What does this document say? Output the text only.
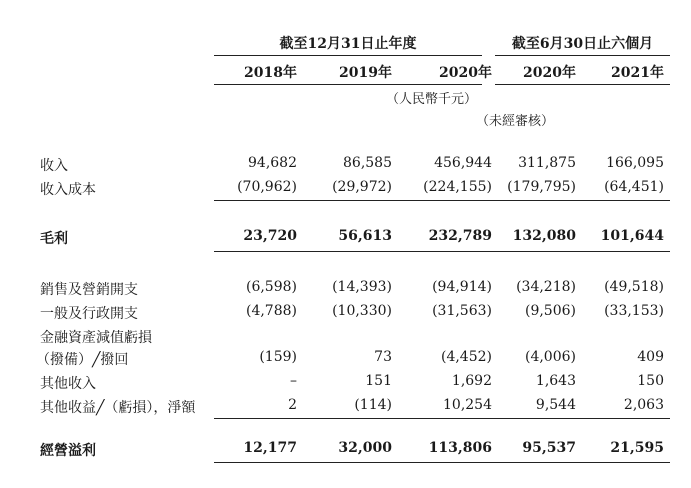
截至12月31日止年度	截至6月30日止六個月
2018年	2019年	2020年	2020年	2021年
（人民幣千元）
（未經審核）
收入	94,682	86,585	456,944	311,875	166,095
收入成本	(70,962)	(29,972)	(224,155)	(179,795)	(64,451)
毛利	23,720	56,613	232,789	132,080	101,644
銷售及營銷開支	(6,598)	(14,393)	(94,914)	(34,218)	(49,518)
一般及行政開支	(4,788)	(10,330)	(31,563)	(9,506)	(33,153)
金融資產減值虧損
（撥備）╱撥回	(159)	73	(4,452)	(4,006)	409
其他收入	–	151	1,692	1,643	150
其他收益╱（虧損），淨額	2	(114)	10,254	9,544	2,063
經營溢利	12,177	32,000	113,806	95,537	21,595
